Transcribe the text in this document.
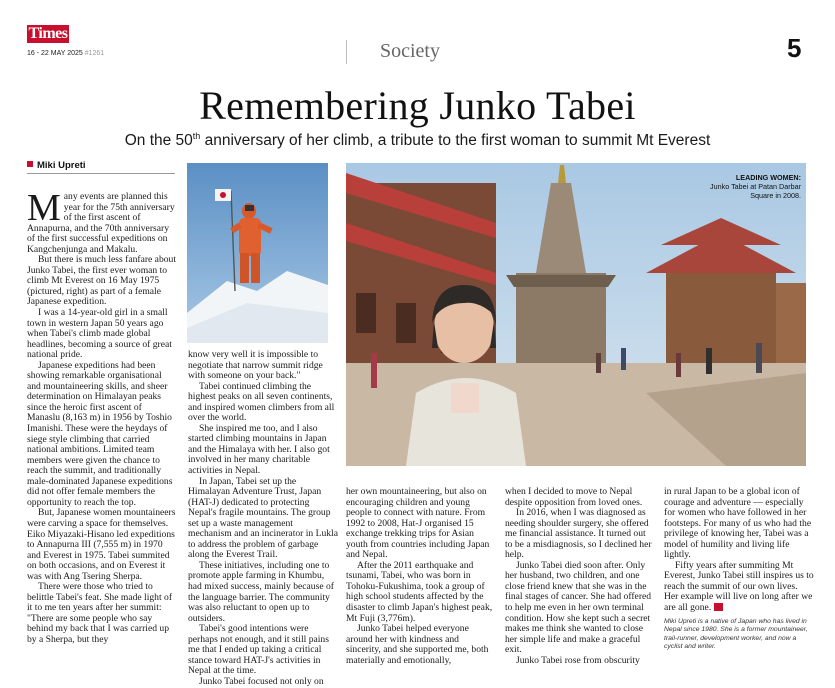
Times
16 - 22 MAY 2025 #1261	Society	5
Remembering Junko Tabei
On the 50th anniversary of her climb, a tribute to the first woman to summit Mt Everest
Miki Upreti

Many events are planned this year for the 75th anniversary of the first ascent of Annapurna, and the 70th anniversary of the first successful expeditions on Kangchenjunga and Makalu.

But there is much less fanfare about Junko Tabei, the first ever woman to climb Mt Everest on 16 May 1975 (pictured, right) as part of a female Japanese expedition.

I was a 14-year-old girl in a small town in western Japan 50 years ago when Tabei's climb made global headlines, becoming a source of great national pride.

Japanese expeditions had been showing remarkable organisational and mountaineering skills, and sheer determination on Himalayan peaks since the heroic first ascent of Manaslu (8,163 m) in 1956 by Toshio Imanishi. These were the heydays of siege style climbing that carried national ambitions. Limited team members were given the chance to reach the summit, and traditionally male-dominated Japanese expeditions did not offer female members the opportunity to reach the top.

But, Japanese women mountaineers were carving a space for themselves. Eiko Miyazaki-Hisano led expeditions to Annapurna III (7,555 m) in 1970 and Everest in 1975. Tabei summited on both occasions, and on Everest it was with Ang Tsering Sherpa.

There were those who tried to belittle Tabei's feat. She made light of it to me ten years after her summit: "There are some people who say behind my back that I was carried up by a Sherpa, but they

know very well it is impossible to negotiate that narrow summit ridge with someone on your back."

Tabei continued climbing the highest peaks on all seven continents, and inspired women climbers from all over the world.

She inspired me too, and I also started climbing mountains in Japan and the Himalaya with her. I also got involved in her many charitable activities in Nepal.

In Japan, Tabei set up the Himalayan Adventure Trust, Japan (HAT-J) dedicated to protecting Nepal's fragile mountains. The group set up a waste management mechanism and an incinerator in Lukla to address the problem of garbage along the Everest Trail.

These initiatives, including one to promote apple farming in Khumbu, had mixed success, mainly because of the language barrier. The community was also reluctant to open up to outsiders.

Tabei's good intentions were perhaps not enough, and it still pains me that I ended up taking a critical stance toward HAT-J's activities in Nepal at the time.

Junko Tabei focused not only on

LEADING WOMEN:
Junko Tabei at Patan Darbar Square in 2008.

her own mountaineering, but also on encouraging children and young people to connect with nature. From 1992 to 2008, Hat-J organised 15 exchange trekking trips for Asian youth from countries including Japan and Nepal.

After the 2011 earthquake and tsunami, Tabei, who was born in Tohoku-Fukushima, took a group of high school students affected by the disaster to climb Japan's highest peak, Mt Fuji (3,776m).

Junko Tabei helped everyone around her with kindness and sincerity, and she supported me, both materially and emotionally,

when I decided to move to Nepal despite opposition from loved ones.

In 2016, when I was diagnosed as needing shoulder surgery, she offered me financial assistance. It turned out to be a misdiagnosis, so I declined her help.

Junko Tabei died soon after. Only her husband, two children, and one close friend knew that she was in the final stages of cancer. She had offered to help me even in her own terminal condition. How she kept such a secret makes me think she wanted to close her simple life and make a graceful exit.

Junko Tabei rose from obscurity

in rural Japan to be a global icon of courage and adventure — especially for women who have followed in her footsteps. For many of us who had the privilege of knowing her, Tabei was a model of humility and living life lightly.

Fifty years after summiting Mt Everest, Junko Tabei still inspires us to reach the summit of our own lives. Her example will live on long after we are all gone.

Miki Upreti is a native of Japan who has lived in Nepal since 1980. She is a former mountaineer, trail-runner, development worker, and now a cyclist and writer.
